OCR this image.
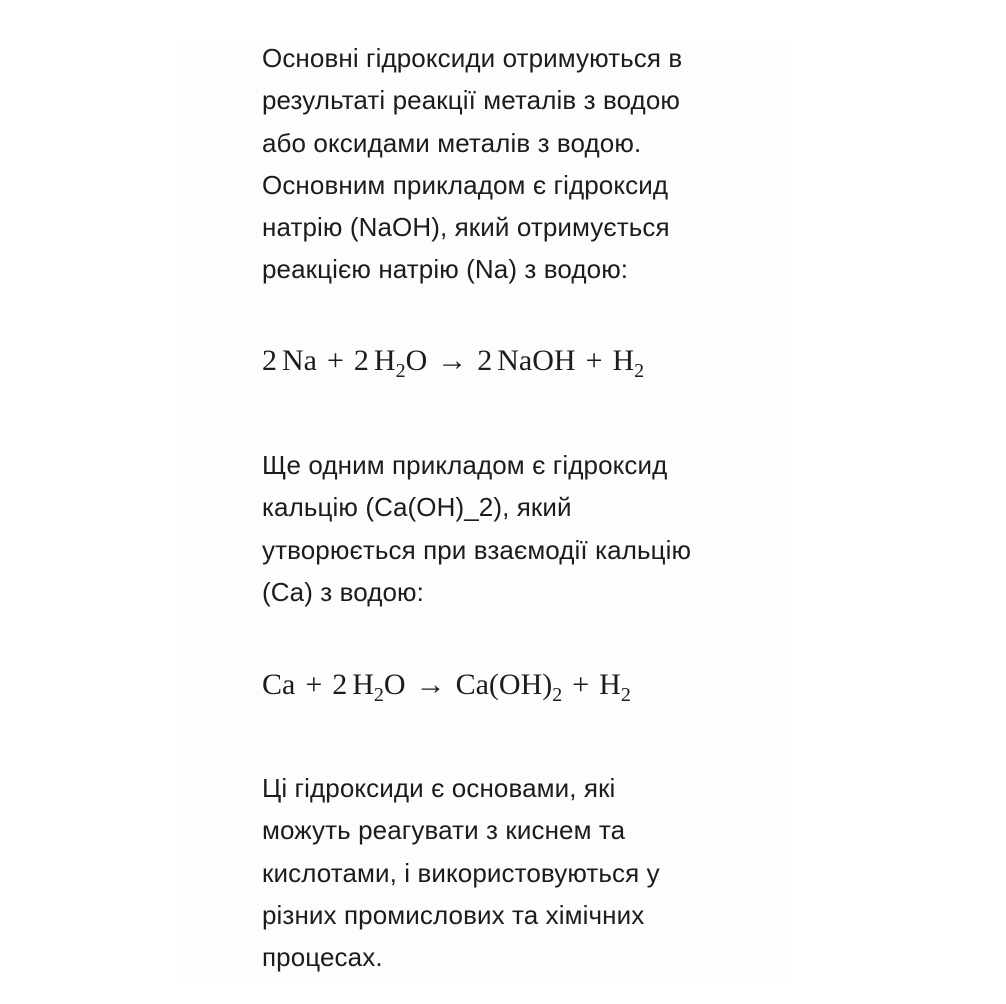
Основні гідроксиди отримуються в
результаті реакції металів з водою
або оксидами металів з водою.
Основним прикладом є гідроксид
натрію (NaOH), який отримується
реакцією натрію (Na) з водою:

2 Na + 2 $H_2O \to 2$ NaOH + $H_2$

Ще одним прикладом є гідроксид
кальцію (Ca(OH)_2), який
утворюється при взаємодії кальцію
(Ca) з водою:

Ca + 2 $H_2O \to Ca(OH)_2 + H_2$

Ці гідроксиди є основами, які
можуть реагувати з киснем та
кислотами, і використовуються у
різних промислових та хімічних
процесах.
